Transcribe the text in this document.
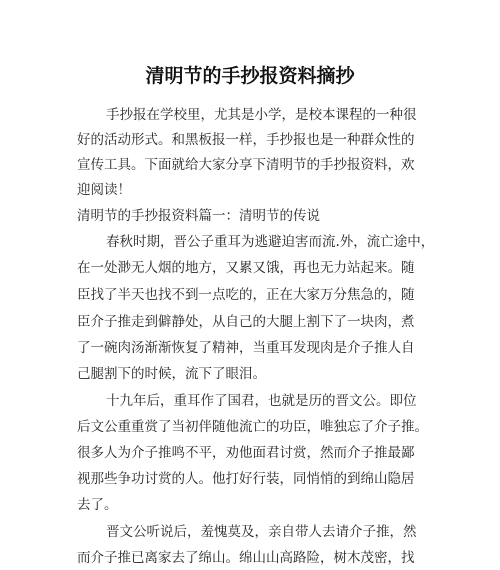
清明节的手抄报资料摘抄

手抄报在学校里，尤其是小学，是校本课程的一种很

好的活动形式。和黑板报一样，手抄报也是一种群众性的

宣传工具。下面就给大家分享下清明节的手抄报资料，欢

迎阅读！

清明节的手抄报资料篇一：清明节的传说

春秋时期，晋公子重耳为逃避迫害而流.外，流亡途中，

在一处渺无人烟的地方，又累又饿，再也无力站起来。随

臣找了半天也找不到一点吃的，正在大家万分焦急的，随

臣介子推走到僻静处，从自己的大腿上割下了一块肉，煮

了一碗肉汤渐渐恢复了精神，当重耳发现肉是介子推人自

己腿割下的时候，流下了眼泪。

十九年后，重耳作了国君，也就是历的晋文公。即位

后文公重重赏了当初伴随他流亡的功臣，唯独忘了介子推。

很多人为介子推鸣不平，劝他面君讨赏，然而介子推最鄙

视那些争功讨赏的人。他打好行装，同悄悄的到绵山隐居

去了。

晋文公听说后，羞愧莫及，亲自带人去请介子推，然

而介子推已离家去了绵山。绵山山高路险，树木茂密，找
